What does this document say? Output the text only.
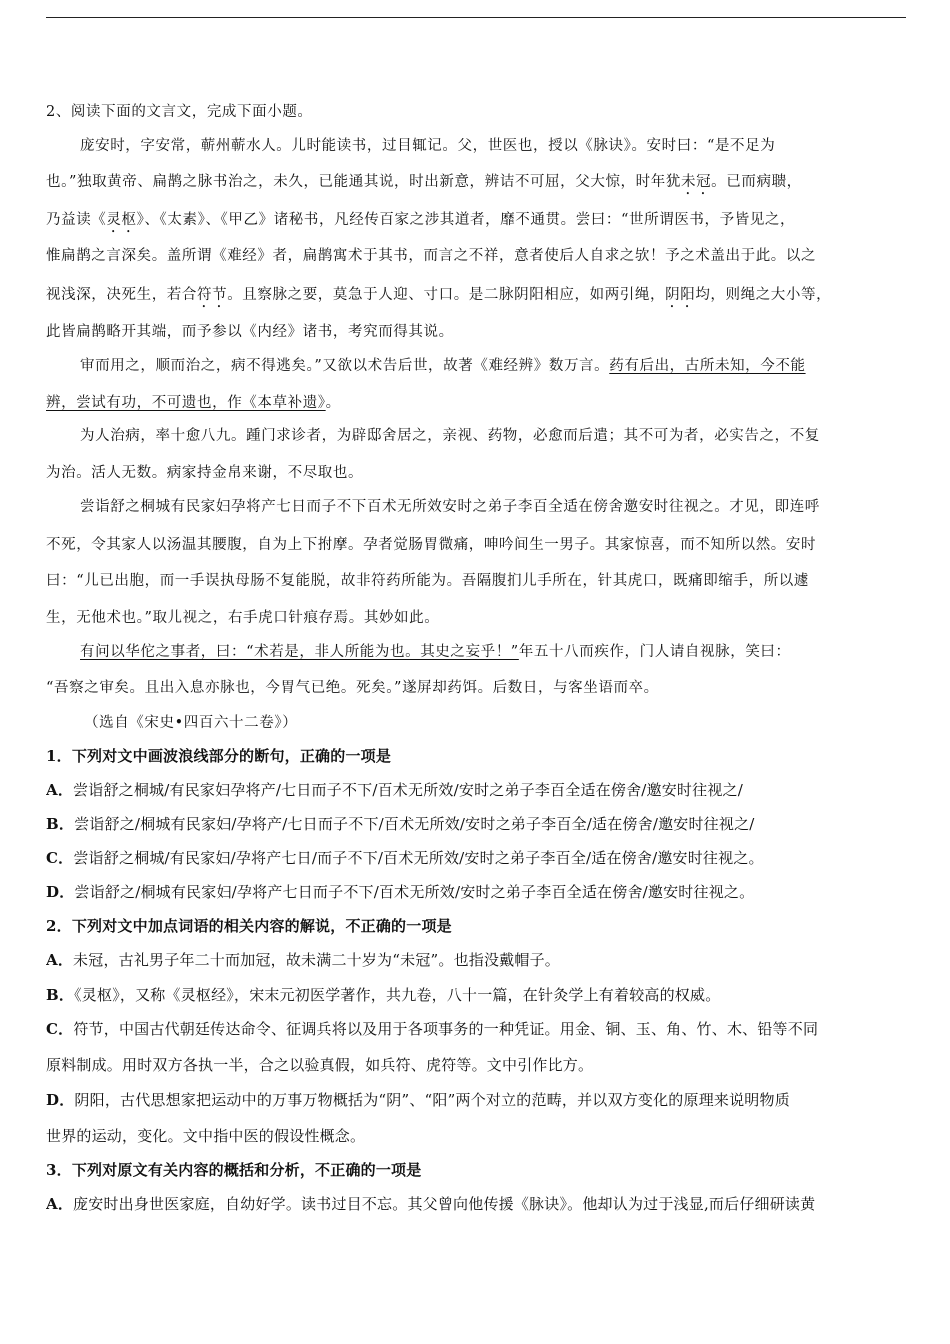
2、阅读下面的文言文，完成下面小题。
庞安时，字安常，蕲州蕲水人。儿时能读书，过目辄记。父，世医也，授以《脉诀》。安时曰：“是不足为
也。”独取黄帝、扁鹊之脉书治之，未久，已能通其说，时出新意，辨诘不可屈，父大惊，时年犹未冠。已而病聩，
乃益读《灵枢》、《太素》、《甲乙》诸秘书，凡经传百家之涉其道者，靡不通贯。尝曰：“世所谓医书，予皆见之，
惟扁鹊之言深矣。盖所谓《难经》者，扁鹊寓术于其书，而言之不祥，意者使后人自求之欤！予之术盖出于此。以之
视浅深，决死生，若合符节。且察脉之要，莫急于人迎、寸口。是二脉阴阳相应，如两引绳，阴阳均，则绳之大小等，
此皆扁鹊略开其端，而予参以《内经》诸书，考究而得其说。
审而用之，顺而治之，病不得逃矣。”又欲以术告后世，故著《难经辨》数万言。药有后出，古所未知，今不能
辨，尝试有功，不可遗也，作《本草补遗》。
为人治病，率十愈八九。踵门求诊者，为辟邸舍居之，亲视、药物，必愈而后遣；其不可为者，必实告之，不复
为治。活人无数。病家持金帛来谢，不尽取也。
尝诣舒之桐城有民家妇孕将产七日而子不下百术无所效安时之弟子李百全适在傍舍邀安时往视之。才见，即连呼
不死，令其家人以汤温其腰腹，自为上下拊摩。孕者觉肠胃微痛，呻吟间生一男子。其家惊喜，而不知所以然。安时
曰：“儿已出胞，而一手误执母肠不复能脱，故非符药所能为。吾隔腹扪儿手所在，针其虎口，既痛即缩手，所以遽
生，无他术也。”取儿视之，右手虎口针痕存焉。其妙如此。
有问以华佗之事者，曰：“术若是，非人所能为也。其史之妄乎！”年五十八而疾作，门人请自视脉，笑曰：
“吾察之审矣。且出入息亦脉也，今胃气已绝。死矣。”遂屏却药饵。后数日，与客坐语而卒。
（选自《宋史•四百六十二卷》）
1．下列对文中画波浪线部分的断句，正确的一项是
A．尝诣舒之桐城/有民家妇孕将产/七日而子不下/百术无所效/安时之弟子李百全适在傍舍/邀安时往视之/
B．尝诣舒之/桐城有民家妇/孕将产/七日而子不下/百术无所效/安时之弟子李百全/适在傍舍/邀安时往视之/
C．尝诣舒之桐城/有民家妇/孕将产七日/而子不下/百术无所效/安时之弟子李百全/适在傍舍/邀安时往视之。
D．尝诣舒之/桐城有民家妇/孕将产七日而子不下/百术无所效/安时之弟子李百全适在傍舍/邀安时往视之。
2．下列对文中加点词语的相关内容的解说，不正确的一项是
A．未冠，古礼男子年二十而加冠，故未满二十岁为“未冠”。也指没戴帽子。
B．《灵枢》，又称《灵枢经》，宋末元初医学著作，共九卷，八十一篇，在针灸学上有着较高的权威。
C．符节，中国古代朝廷传达命令、征调兵将以及用于各项事务的一种凭证。用金、铜、玉、角、竹、木、铅等不同
原料制成。用时双方各执一半，合之以验真假，如兵符、虎符等。文中引作比方。
D．阴阳，古代思想家把运动中的万事万物概括为“阴”、“阳”两个对立的范畴，并以双方变化的原理来说明物质
世界的运动，变化。文中指中医的假设性概念。
3．下列对原文有关内容的概括和分析，不正确的一项是
A．庞安时出身世医家庭，自幼好学。读书过目不忘。其父曾向他传援《脉诀》。他却认为过于浅显,而后仔细研读黄
